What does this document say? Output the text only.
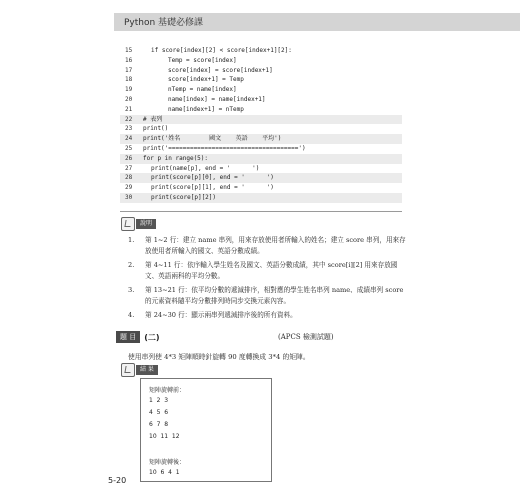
Python 基礎必修課
15	if score[index][2] < score[index+1][2]:
16	Temp = score[index]
17	score[index] = score[index+1]
18	score[index+1] = Temp
19	nTemp = name[index]
20	name[index] = name[index+1]
21	name[index+1] = nTemp
22 # 表列
23 print()
24 print('姓名        國文    英語    平均')
25 print('====================================')
26 for p in range(5):
27	print(name[p], end = '      ')
28	print(score[p][0], end = '      ')
29	print(score[p][1], end = '      ')
30	print(score[p][2])
說明
1. 第 1~2 行：建立 name 串列，用來存放使用者所輸入的姓名；建立 score 串列，用來存放使用者所輸入的國文、英語分數成績。
2. 第 4~11 行：依序輸入學生姓名及國文、英語分數成績，其中 score[i][2] 用來存放國文、英語兩科的平均分數。
3. 第 13~21 行：依平均分數的遞減排序，相對應的學生姓名串列 name、成績串列 score 的元素資料隨平均分數排列時同步交換元素內容。
4. 第 24~30 行：顯示兩串列遞減排序後的所有資料。
題 目	(二)	(APCS 檢測試題)
使用串列使 4*3 矩陣順時針旋轉 90 度轉換成 3*4 的矩陣。
結 果
矩陣旋轉前：
1  2  3
4  5  6
6  7  8
10  11  12
矩陣旋轉後：
10  6  4  1
5-20
